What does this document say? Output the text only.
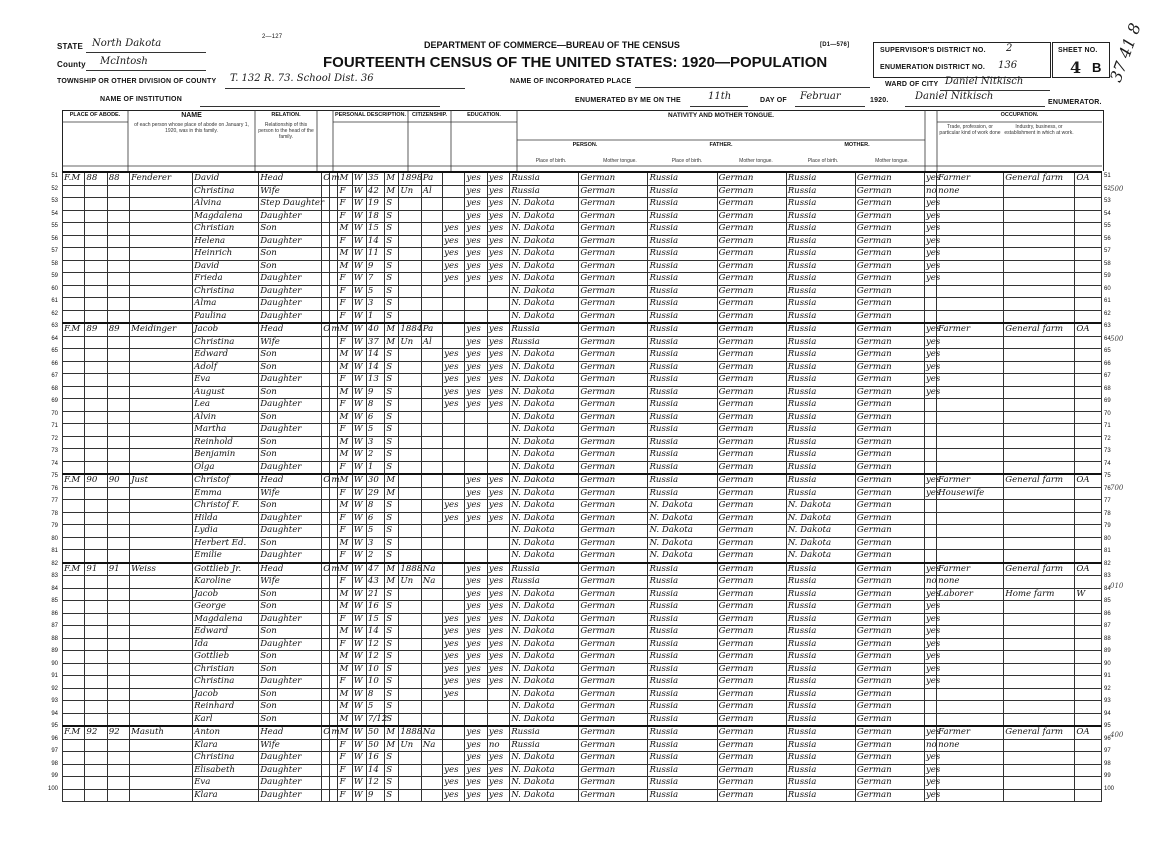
STATE North Dakota
County McIntosh
TOWNSHIP OR OTHER DIVISION OF COUNTY T. 132 R. 73. School Dist. 36
NAME OF INSTITUTION
2—127
DEPARTMENT OF COMMERCE—BUREAU OF THE CENSUS
FOURTEENTH CENSUS OF THE UNITED STATES: 1920—POPULATION
[D1—576]
NAME OF INCORPORATED PLACE
ENUMERATED BY ME ON THE	11th	DAY OF Februar	1920.	Daniel Nitkisch
ENUMERATOR.
SUPERVISOR'S DISTRICT NO. 2
ENUMERATION DISTRICT NO. 136
SHEET NO.
4 B
WARD OF CITY Daniel Nitkisch	37 41 8
PLACE OF ABODE.	NAME
of each person whose place of abode on January 1, 1920, was in this family.
RELATION.
Relationship of this person to the head of the family.
PERSONAL DESCRIPTION.	CITIZENSHIP.	EDUCATION.	NATIVITY AND MOTHER TONGUE.
PERSON.	FATHER.	MOTHER.
Place of birth.	Mother tongue.	Place of birth.	Mother tongue.	Place of birth.	Mother tongue.
OCCUPATION.
Trade, profession, or particular kind of work done
Industry, business, or establishment in which at work.
F.M	88	88	Fenderer	David	Head	O	m	M	W	35	M	1898	Pa		yes	yes	Russia	German	Russia	German	Russia	German	yes	Farmer	General farm	OA
				Christina	Wife			F	W	42	M	Un	Al		yes	yes	Russia	German	Russia	German	Russia	German	no	none		
				Alvina	Step Daughter			F	W	19	S				yes	yes	N. Dakota	German	Russia	German	Russia	German	yes			
				Magdalena	Daughter			F	W	18	S				yes	yes	N. Dakota	German	Russia	German	Russia	German	yes			
				Christian	Son			M	W	15	S			yes	yes	yes	N. Dakota	German	Russia	German	Russia	German	yes			
				Helena	Daughter			F	W	14	S			yes	yes	yes	N. Dakota	German	Russia	German	Russia	German	yes			
				Heinrich	Son			M	W	11	S			yes	yes	yes	N. Dakota	German	Russia	German	Russia	German	yes			
				David	Son			M	W	9	S			yes	yes	yes	N. Dakota	German	Russia	German	Russia	German	yes			
				Frieda	Daughter			F	W	7	S			yes	yes	yes	N. Dakota	German	Russia	German	Russia	German	yes			
				Christina	Daughter			F	W	5	S						N. Dakota	German	Russia	German	Russia	German				
				Alma	Daughter			F	W	3	S						N. Dakota	German	Russia	German	Russia	German				
				Paulina	Daughter			F	W	1	S						N. Dakota	German	Russia	German	Russia	German				
F.M	89	89	Meidinger	Jacob	Head	O	m	M	W	40	M	1884	Pa		yes	yes	Russia	German	Russia	German	Russia	German	yes	Farmer	General farm	OA
				Christina	Wife			F	W	37	M	Un	Al		yes	yes	Russia	German	Russia	German	Russia	German	yes			
				Edward	Son			M	W	14	S			yes	yes	yes	N. Dakota	German	Russia	German	Russia	German	yes			
				Adolf	Son			M	W	14	S			yes	yes	yes	N. Dakota	German	Russia	German	Russia	German	yes			
				Eva	Daughter			F	W	13	S			yes	yes	yes	N. Dakota	German	Russia	German	Russia	German	yes			
				August	Son			M	W	9	S			yes	yes	yes	N. Dakota	German	Russia	German	Russia	German	yes			
				Lea	Daughter			F	W	8	S			yes	yes	yes	N. Dakota	German	Russia	German	Russia	German				
				Alvin	Son			M	W	6	S						N. Dakota	German	Russia	German	Russia	German				
				Martha	Daughter			F	W	5	S						N. Dakota	German	Russia	German	Russia	German				
				Reinhold	Son			M	W	3	S						N. Dakota	German	Russia	German	Russia	German				
				Benjamin	Son			M	W	2	S						N. Dakota	German	Russia	German	Russia	German				
				Olga	Daughter			F	W	1	S						N. Dakota	German	Russia	German	Russia	German				
F.M	90	90	Just	Christof	Head	O	m	M	W	30	M				yes	yes	N. Dakota	German	Russia	German	Russia	German	yes	Farmer	General farm	OA
				Emma	Wife			F	W	29	M				yes	yes	N. Dakota	German	Russia	German	Russia	German	yes	Housewife		
				Christof F.	Son			M	W	8	S			yes	yes	yes	N. Dakota	German	N. Dakota	German	N. Dakota	German				
				Hilda	Daughter			F	W	6	S			yes	yes	yes	N. Dakota	German	N. Dakota	German	N. Dakota	German				
				Lydia	Daughter			F	W	5	S						N. Dakota	German	N. Dakota	German	N. Dakota	German				
				Herbert Ed.	Son			M	W	3	S						N. Dakota	German	N. Dakota	German	N. Dakota	German				
				Emilie	Daughter			F	W	2	S						N. Dakota	German	N. Dakota	German	N. Dakota	German				
F.M	91	91	Weiss	Gottlieb Jr.	Head	O	m	M	W	47	M	1888	Na		yes	yes	Russia	German	Russia	German	Russia	German	yes	Farmer	General farm	OA
				Karoline	Wife			F	W	43	M	Un	Na		yes	yes	Russia	German	Russia	German	Russia	German	no	none		
				Jacob	Son			M	W	21	S				yes	yes	N. Dakota	German	Russia	German	Russia	German	yes	Laborer	Home farm	W
				George	Son			M	W	16	S				yes	yes	N. Dakota	German	Russia	German	Russia	German	yes			
				Magdalena	Daughter			F	W	15	S			yes	yes	yes	N. Dakota	German	Russia	German	Russia	German	yes			
				Edward	Son			M	W	14	S			yes	yes	yes	N. Dakota	German	Russia	German	Russia	German	yes			
				Ida	Daughter			F	W	12	S			yes	yes	yes	N. Dakota	German	Russia	German	Russia	German	yes			
				Gottlieb	Son			M	W	12	S			yes	yes	yes	N. Dakota	German	Russia	German	Russia	German	yes			
				Christian	Son			M	W	10	S			yes	yes	yes	N. Dakota	German	Russia	German	Russia	German	yes			
				Christina	Daughter			F	W	10	S			yes	yes	yes	N. Dakota	German	Russia	German	Russia	German	yes			
				Jacob	Son			M	W	8	S			yes			N. Dakota	German	Russia	German	Russia	German				
				Reinhard	Son			M	W	5	S						N. Dakota	German	Russia	German	Russia	German				
				Karl	Son			M	W	7/12	S						N. Dakota	German	Russia	German	Russia	German				
F.M	92	92	Masuth	Anton	Head	O	m	M	W	50	M	1888	Na		yes	yes	Russia	German	Russia	German	Russia	German	yes	Farmer	General farm	OA
				Klara	Wife			F	W	50	M	Un	Na		yes	no	Russia	German	Russia	German	Russia	German	no	none		
				Christina	Daughter			F	W	16	S				yes	yes	N. Dakota	German	Russia	German	Russia	German	yes			
				Elisabeth	Daughter			F	W	14	S			yes	yes	yes	N. Dakota	German	Russia	German	Russia	German	yes			
				Eva	Daughter			F	W	12	S			yes	yes	yes	N. Dakota	German	Russia	German	Russia	German	yes			
				Klara	Daughter			F	W	9	S			yes	yes	yes	N. Dakota	German	Russia	German	Russia	German	yes			
51	51
52	52
53	53
54	54
55	55
56	56
57	57
58	58
59	59
60	60
61	61
62	62
63	63
64	64
65	65
66	66
67	67
68	68
69	69
70	70
71	71
72	72
73	73
74	74
75	75
76	76
77	77
78	78
79	79
80	80
81	81
82	82
83	83
84	84
85	85
86	86
87	87
88	88
89	89
90	90
91	91
92	92
93	93
94	94
95	95
96	96
97	97
98	98
99	99
100	100
500
500
700
010
400
